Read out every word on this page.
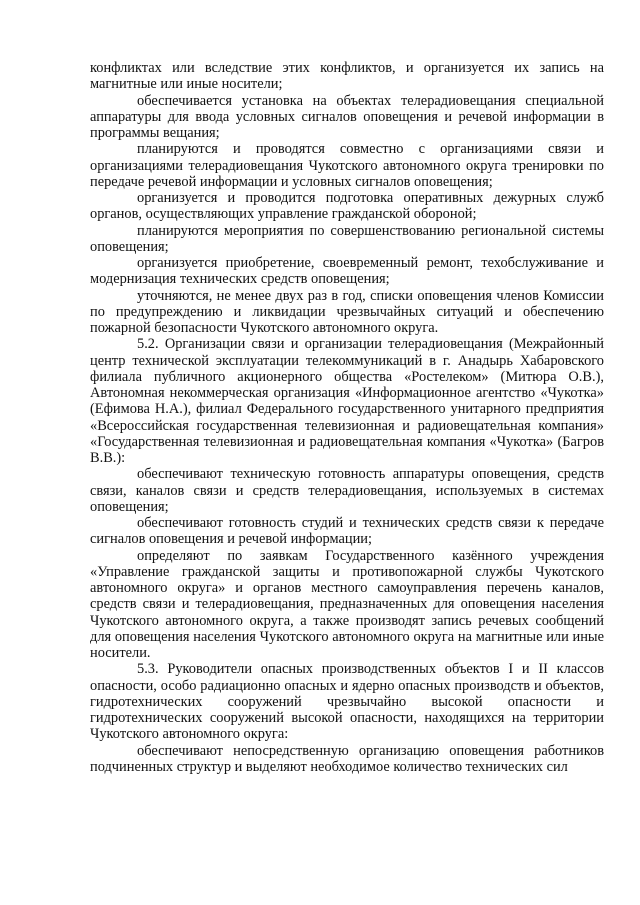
конфликтах или вследствие этих конфликтов, и организуется их запись на магнитные или иные носители;

обеспечивается установка на объектах телерадиовещания специальной аппаратуры для ввода условных сигналов оповещения и речевой информации в программы вещания;

планируются и проводятся совместно с организациями связи и организациями телерадиовещания Чукотского автономного округа тренировки по передаче речевой информации и условных сигналов оповещения;

организуется и проводится подготовка оперативных дежурных служб органов, осуществляющих управление гражданской обороной;

планируются мероприятия по совершенствованию региональной системы оповещения;

организуется приобретение, своевременный ремонт, техобслуживание и модернизация технических средств оповещения;

уточняются, не менее двух раз в год, списки оповещения членов Комиссии по предупреждению и ликвидации чрезвычайных ситуаций и обеспечению пожарной безопасности Чукотского автономного округа.

5.2. Организации связи и организации телерадиовещания (Межрайонный центр технической эксплуатации телекоммуникаций в г. Анадырь Хабаровского филиала публичного акционерного общества «Ростелеком» (Митюра О.В.), Автономная некоммерческая организация «Информационное агентство «Чукотка» (Ефимова Н.А.), филиал Федерального государственного унитарного предприятия «Всероссийская государственная телевизионная и радиовещательная компания» «Государственная телевизионная и радиовещательная компания «Чукотка» (Багров В.В.):

обеспечивают техническую готовность аппаратуры оповещения, средств связи, каналов связи и средств телерадиовещания, используемых в системах оповещения;

обеспечивают готовность студий и технических средств связи к передаче сигналов оповещения и речевой информации;

определяют по заявкам Государственного казённого учреждения «Управление гражданской защиты и противопожарной службы Чукотского автономного округа» и органов местного самоуправления перечень каналов, средств связи и телерадиовещания, предназначенных для оповещения населения Чукотского автономного округа, а также производят запись речевых сообщений для оповещения населения Чукотского автономного округа на магнитные или иные носители.

5.3. Руководители опасных производственных объектов I и II классов опасности, особо радиационно опасных и ядерно опасных производств и объектов, гидротехнических сооружений чрезвычайно высокой опасности и гидротехнических сооружений высокой опасности, находящихся на территории Чукотского автономного округа:

обеспечивают непосредственную организацию оповещения работников подчиненных структур и выделяют необходимое количество технических сил
